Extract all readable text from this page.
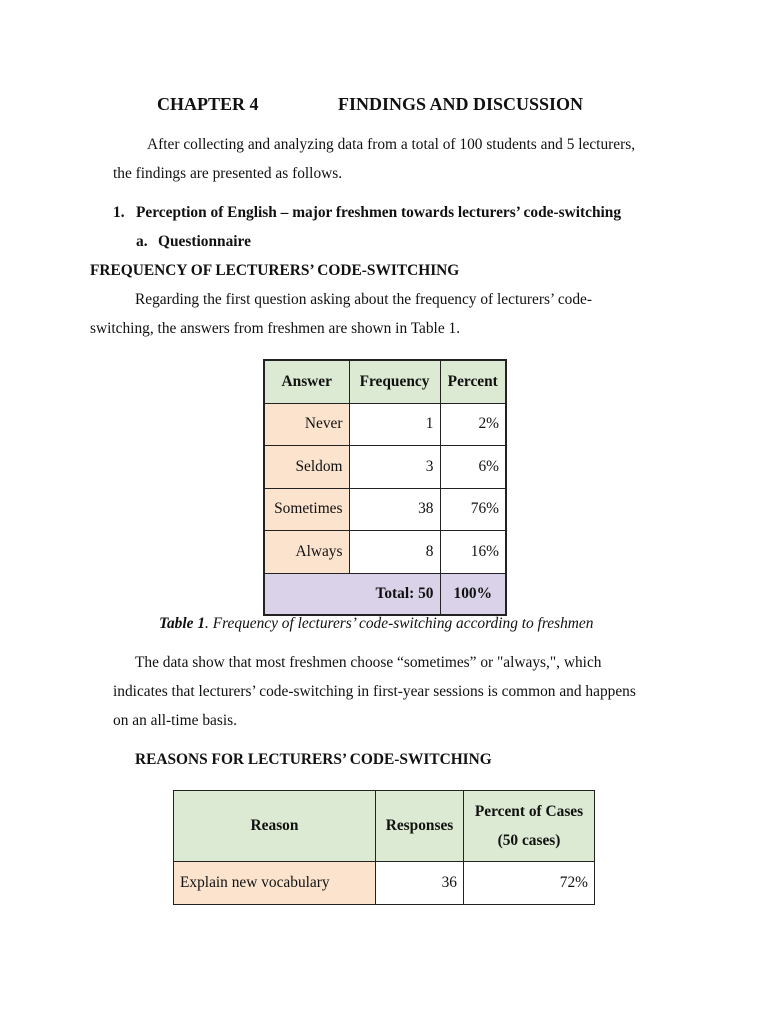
CHAPTER 4	FINDINGS AND DISCUSSION
After collecting and analyzing data from a total of 100 students and 5 lecturers,
the findings are presented as follows.
1. Perception of English – major freshmen towards lecturers’ code-switching
a. Questionnaire
FREQUENCY OF LECTURERS’ CODE-SWITCHING
Regarding the first question asking about the frequency of lecturers’ code-
switching, the answers from freshmen are shown in Table 1.
Answer	Frequency	Percent
Never	1	2%
Seldom	3	6%
Sometimes	38	76%
Always	8	16%
Total: 50		100%
Table 1. Frequency of lecturers’ code-switching according to freshmen
The data show that most freshmen choose “sometimes” or "always,", which
indicates that lecturers’ code-switching in first-year sessions is common and happens
on an all-time basis.
REASONS FOR LECTURERS’ CODE-SWITCHING
Reason	Responses	Percent of Cases
(50 cases)
Explain new vocabulary	36	72%
